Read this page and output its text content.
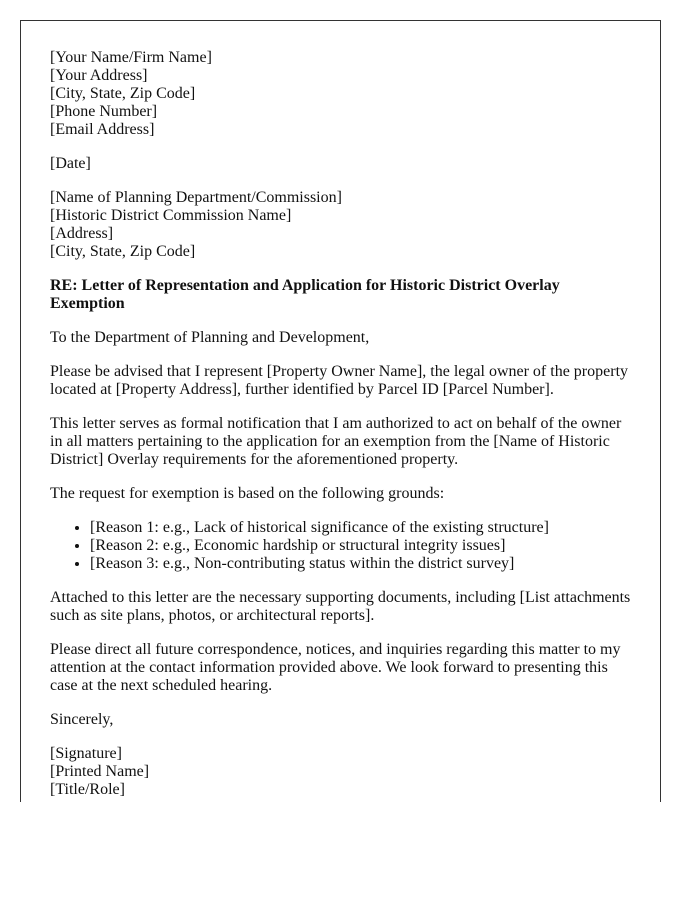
[Your Name/Firm Name]
[Your Address]
[City, State, Zip Code]
[Phone Number]
[Email Address]

[Date]

[Name of Planning Department/Commission]
[Historic District Commission Name]
[Address]
[City, State, Zip Code]

RE: Letter of Representation and Application for Historic District Overlay Exemption

To the Department of Planning and Development,

Please be advised that I represent [Property Owner Name], the legal owner of the property located at [Property Address], further identified by Parcel ID [Parcel Number].

This letter serves as formal notification that I am authorized to act on behalf of the owner in all matters pertaining to the application for an exemption from the [Name of Historic District] Overlay requirements for the aforementioned property.

The request for exemption is based on the following grounds:

• [Reason 1: e.g., Lack of historical significance of the existing structure]
• [Reason 2: e.g., Economic hardship or structural integrity issues]
• [Reason 3: e.g., Non-contributing status within the district survey]

Attached to this letter are the necessary supporting documents, including [List attachments such as site plans, photos, or architectural reports].

Please direct all future correspondence, notices, and inquiries regarding this matter to my attention at the contact information provided above. We look forward to presenting this case at the next scheduled hearing.

Sincerely,

[Signature]
[Printed Name]
[Title/Role]
